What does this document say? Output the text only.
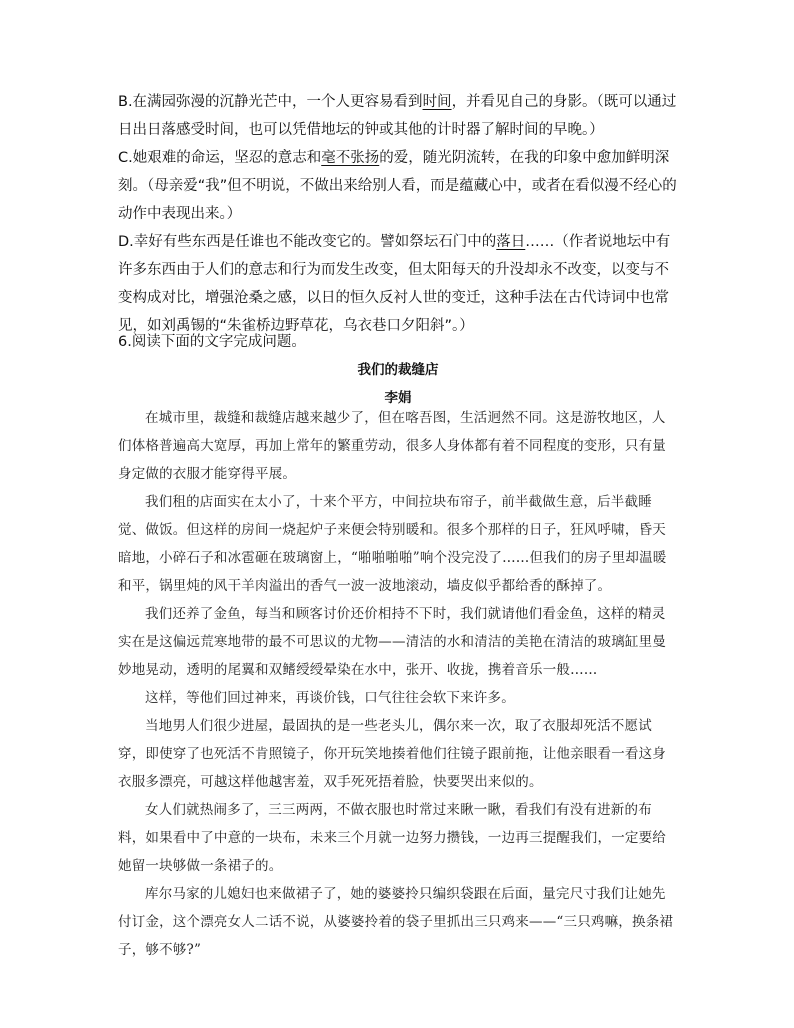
B.在满园弥漫的沉静光芒中，一个人更容易看到时间，并看见自己的身影。（既可以通过日出日落感受时间，也可以凭借地坛的钟或其他的计时器了解时间的早晚。）
C.她艰难的命运，坚忍的意志和毫不张扬的爱，随光阴流转，在我的印象中愈加鲜明深刻。（母亲爱“我”但不明说，不做出来给别人看，而是蕴藏心中，或者在看似漫不经心的动作中表现出来。）
D.幸好有些东西是任谁也不能改变它的。譬如祭坛石门中的落日……（作者说地坛中有许多东西由于人们的意志和行为而发生改变，但太阳每天的升没却永不改变，以变与不变构成对比，增强沧桑之感，以日的恒久反衬人世的变迁，这种手法在古代诗词中也常见，如刘禹锡的“朱雀桥边野草花，乌衣巷口夕阳斜”。）
6.阅读下面的文字完成问题。
我们的裁缝店
李娟

在城市里，裁缝和裁缝店越来越少了，但在喀吾图，生活迥然不同。这是游牧地区，人们体格普遍高大宽厚，再加上常年的繁重劳动，很多人身体都有着不同程度的变形，只有量身定做的衣服才能穿得平展。

我们租的店面实在太小了，十来个平方，中间拉块布帘子，前半截做生意，后半截睡觉、做饭。但这样的房间一烧起炉子来便会特别暖和。很多个那样的日子，狂风呼啸，昏天暗地，小碎石子和冰雹砸在玻璃窗上，“啪啪啪啪”响个没完没了……但我们的房子里却温暖和平，锅里炖的风干羊肉溢出的香气一波一波地滚动，墙皮似乎都给香的酥掉了。

我们还养了金鱼，每当和顾客讨价还价相持不下时，我们就请他们看金鱼，这样的精灵实在是这偏远荒寒地带的最不可思议的尤物——清洁的水和清洁的美艳在清洁的玻璃缸里曼妙地晃动，透明的尾翼和双鳍绶绶晕染在水中，张开、收拢，携着音乐一般……

这样，等他们回过神来，再谈价钱，口气往往会软下来许多。

当地男人们很少进屋，最固执的是一些老头儿，偶尔来一次，取了衣服却死活不愿试穿，即使穿了也死活不肯照镜子，你开玩笑地揍着他们往镜子跟前拖，让他亲眼看一看这身衣服多漂亮，可越这样他越害羞，双手死死捂着脸，快要哭出来似的。

女人们就热闹多了，三三两两，不做衣服也时常过来瞅一瞅，看我们有没有进新的布料，如果看中了中意的一块布，未来三个月就一边努力攒钱，一边再三提醒我们，一定要给她留一块够做一条裙子的。

库尔马家的儿媳妇也来做裙子了，她的婆婆拎只编织袋跟在后面，量完尺寸我们让她先付订金，这个漂亮女人二话不说，从婆婆拎着的袋子里抓出三只鸡来——“三只鸡嘛，换条裙子，够不够?”
